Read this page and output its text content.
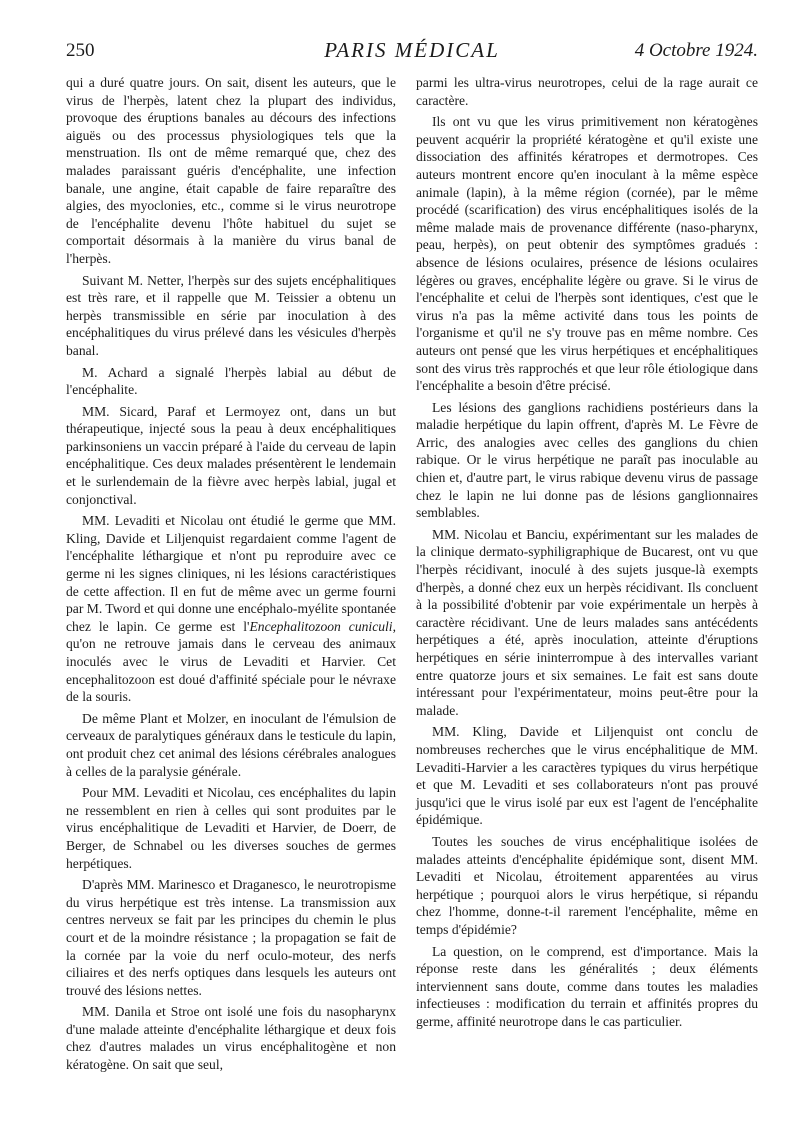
250	PARIS MÉDICAL	4 Octobre 1924.

qui a duré quatre jours. On sait, disent les auteurs, que le virus de l'herpès, latent chez la plupart des individus, provoque des éruptions banales au décours des infections aiguës ou des processus physiologiques tels que la menstruation. Ils ont de même remarqué que, chez des malades paraissant guéris d'encéphalite, une infection banale, une angine, était capable de faire reparaître des algies, des myoclonies, etc., comme si le virus neurotrope de l'encéphalite devenu l'hôte habituel du sujet se comportait désormais à la manière du virus banal de l'herpès.

Suivant M. Netter, l'herpès sur des sujets encéphalitiques est très rare, et il rappelle que M. Teissier a obtenu un herpès transmissible en série par inoculation à des encéphalitiques du virus prélevé dans les vésicules d'herpès banal.

M. Achard a signalé l'herpès labial au début de l'encéphalite.

MM. Sicard, Paraf et Lermoyez ont, dans un but thérapeutique, injecté sous la peau à deux encéphalitiques parkinsoniens un vaccin préparé à l'aide du cerveau de lapin encéphalitique. Ces deux malades présentèrent le lendemain et le surlendemain de la fièvre avec herpès labial, jugal et conjonctival.

MM. Levaditi et Nicolau ont étudié le germe que MM. Kling, Davide et Liljenquist regardaient comme l'agent de l'encéphalite léthargique et n'ont pu reproduire avec ce germe ni les signes cliniques, ni les lésions caractéristiques de cette affection. Il en fut de même avec un germe fourni par M. Tword et qui donne une encéphalo-myélite spontanée chez le lapin. Ce germe est l'Encephalitozoon cuniculi, qu'on ne retrouve jamais dans le cerveau des animaux inoculés avec le virus de Levaditi et Harvier. Cet encephalitozoon est doué d'affinité spéciale pour le névraxe de la souris.

De même Plant et Molzer, en inoculant de l'émulsion de cerveaux de paralytiques généraux dans le testicule du lapin, ont produit chez cet animal des lésions cérébrales analogues à celles de la paralysie générale.

Pour MM. Levaditi et Nicolau, ces encéphalites du lapin ne ressemblent en rien à celles qui sont produites par le virus encéphalitique de Levaditi et Harvier, de Doerr, de Berger, de Schnabel ou les diverses souches de germes herpétiques.

D'après MM. Marinesco et Draganesco, le neurotropisme du virus herpétique est très intense. La transmission aux centres nerveux se fait par les principes du chemin le plus court et de la moindre résistance ; la propagation se fait de la cornée par la voie du nerf oculo-moteur, des nerfs ciliaires et des nerfs optiques dans lesquels les auteurs ont trouvé des lésions nettes.

MM. Danila et Stroe ont isolé une fois du nasopharynx d'une malade atteinte d'encéphalite léthargique et deux fois chez d'autres malades un virus encéphalitogène et non kératogène. On sait que seul,

parmi les ultra-virus neurotropes, celui de la rage aurait ce caractère.

Ils ont vu que les virus primitivement non kératogènes peuvent acquérir la propriété kératogène et qu'il existe une dissociation des affinités kératropes et dermotropes. Ces auteurs montrent encore qu'en inoculant à la même espèce animale (lapin), à la même région (cornée), par le même procédé (scarification) des virus encéphalitiques isolés de la même malade mais de provenance différente (naso-pharynx, peau, herpès), on peut obtenir des symptômes gradués : absence de lésions oculaires, présence de lésions oculaires légères ou graves, encéphalite légère ou grave. Si le virus de l'encéphalite et celui de l'herpès sont identiques, c'est que le virus n'a pas la même activité dans tous les points de l'organisme et qu'il ne s'y trouve pas en même nombre. Ces auteurs ont pensé que les virus herpétiques et encéphalitiques sont des virus très rapprochés et que leur rôle étiologique dans l'encéphalite a besoin d'être précisé.

Les lésions des ganglions rachidiens postérieurs dans la maladie herpétique du lapin offrent, d'après M. Le Fèvre de Arric, des analogies avec celles des ganglions du chien rabique. Or le virus herpétique ne paraît pas inoculable au chien et, d'autre part, le virus rabique devenu virus de passage chez le lapin ne lui donne pas de lésions ganglionnaires semblables.

MM. Nicolau et Banciu, expérimentant sur les malades de la clinique dermato-syphiligraphique de Bucarest, ont vu que l'herpès récidivant, inoculé à des sujets jusque-là exempts d'herpès, a donné chez eux un herpès récidivant. Ils concluent à la possibilité d'obtenir par voie expérimentale un herpès à caractère récidivant. Une de leurs malades sans antécédents herpétiques a été, après inoculation, atteinte d'éruptions herpétiques en série ininterrompue à des intervalles variant entre quatorze jours et six semaines. Le fait est sans doute intéressant pour l'expérimentateur, moins peut-être pour la malade.

MM. Kling, Davide et Liljenquist ont conclu de nombreuses recherches que le virus encéphalitique de MM. Levaditi-Harvier a les caractères typiques du virus herpétique et que M. Levaditi et ses collaborateurs n'ont pas prouvé jusqu'ici que le virus isolé par eux est l'agent de l'encéphalite épidémique.

Toutes les souches de virus encéphalitique isolées de malades atteints d'encéphalite épidémique sont, disent MM. Levaditi et Nicolau, étroitement apparentées au virus herpétique ; pourquoi alors le virus herpétique, si répandu chez l'homme, donne-t-il rarement l'encéphalite, même en temps d'épidémie?

La question, on le comprend, est d'importance. Mais la réponse reste dans les généralités ; deux éléments interviennent sans doute, comme dans toutes les maladies infectieuses : modification du terrain et affinités propres du germe, affinité neurotrope dans le cas particulier.
